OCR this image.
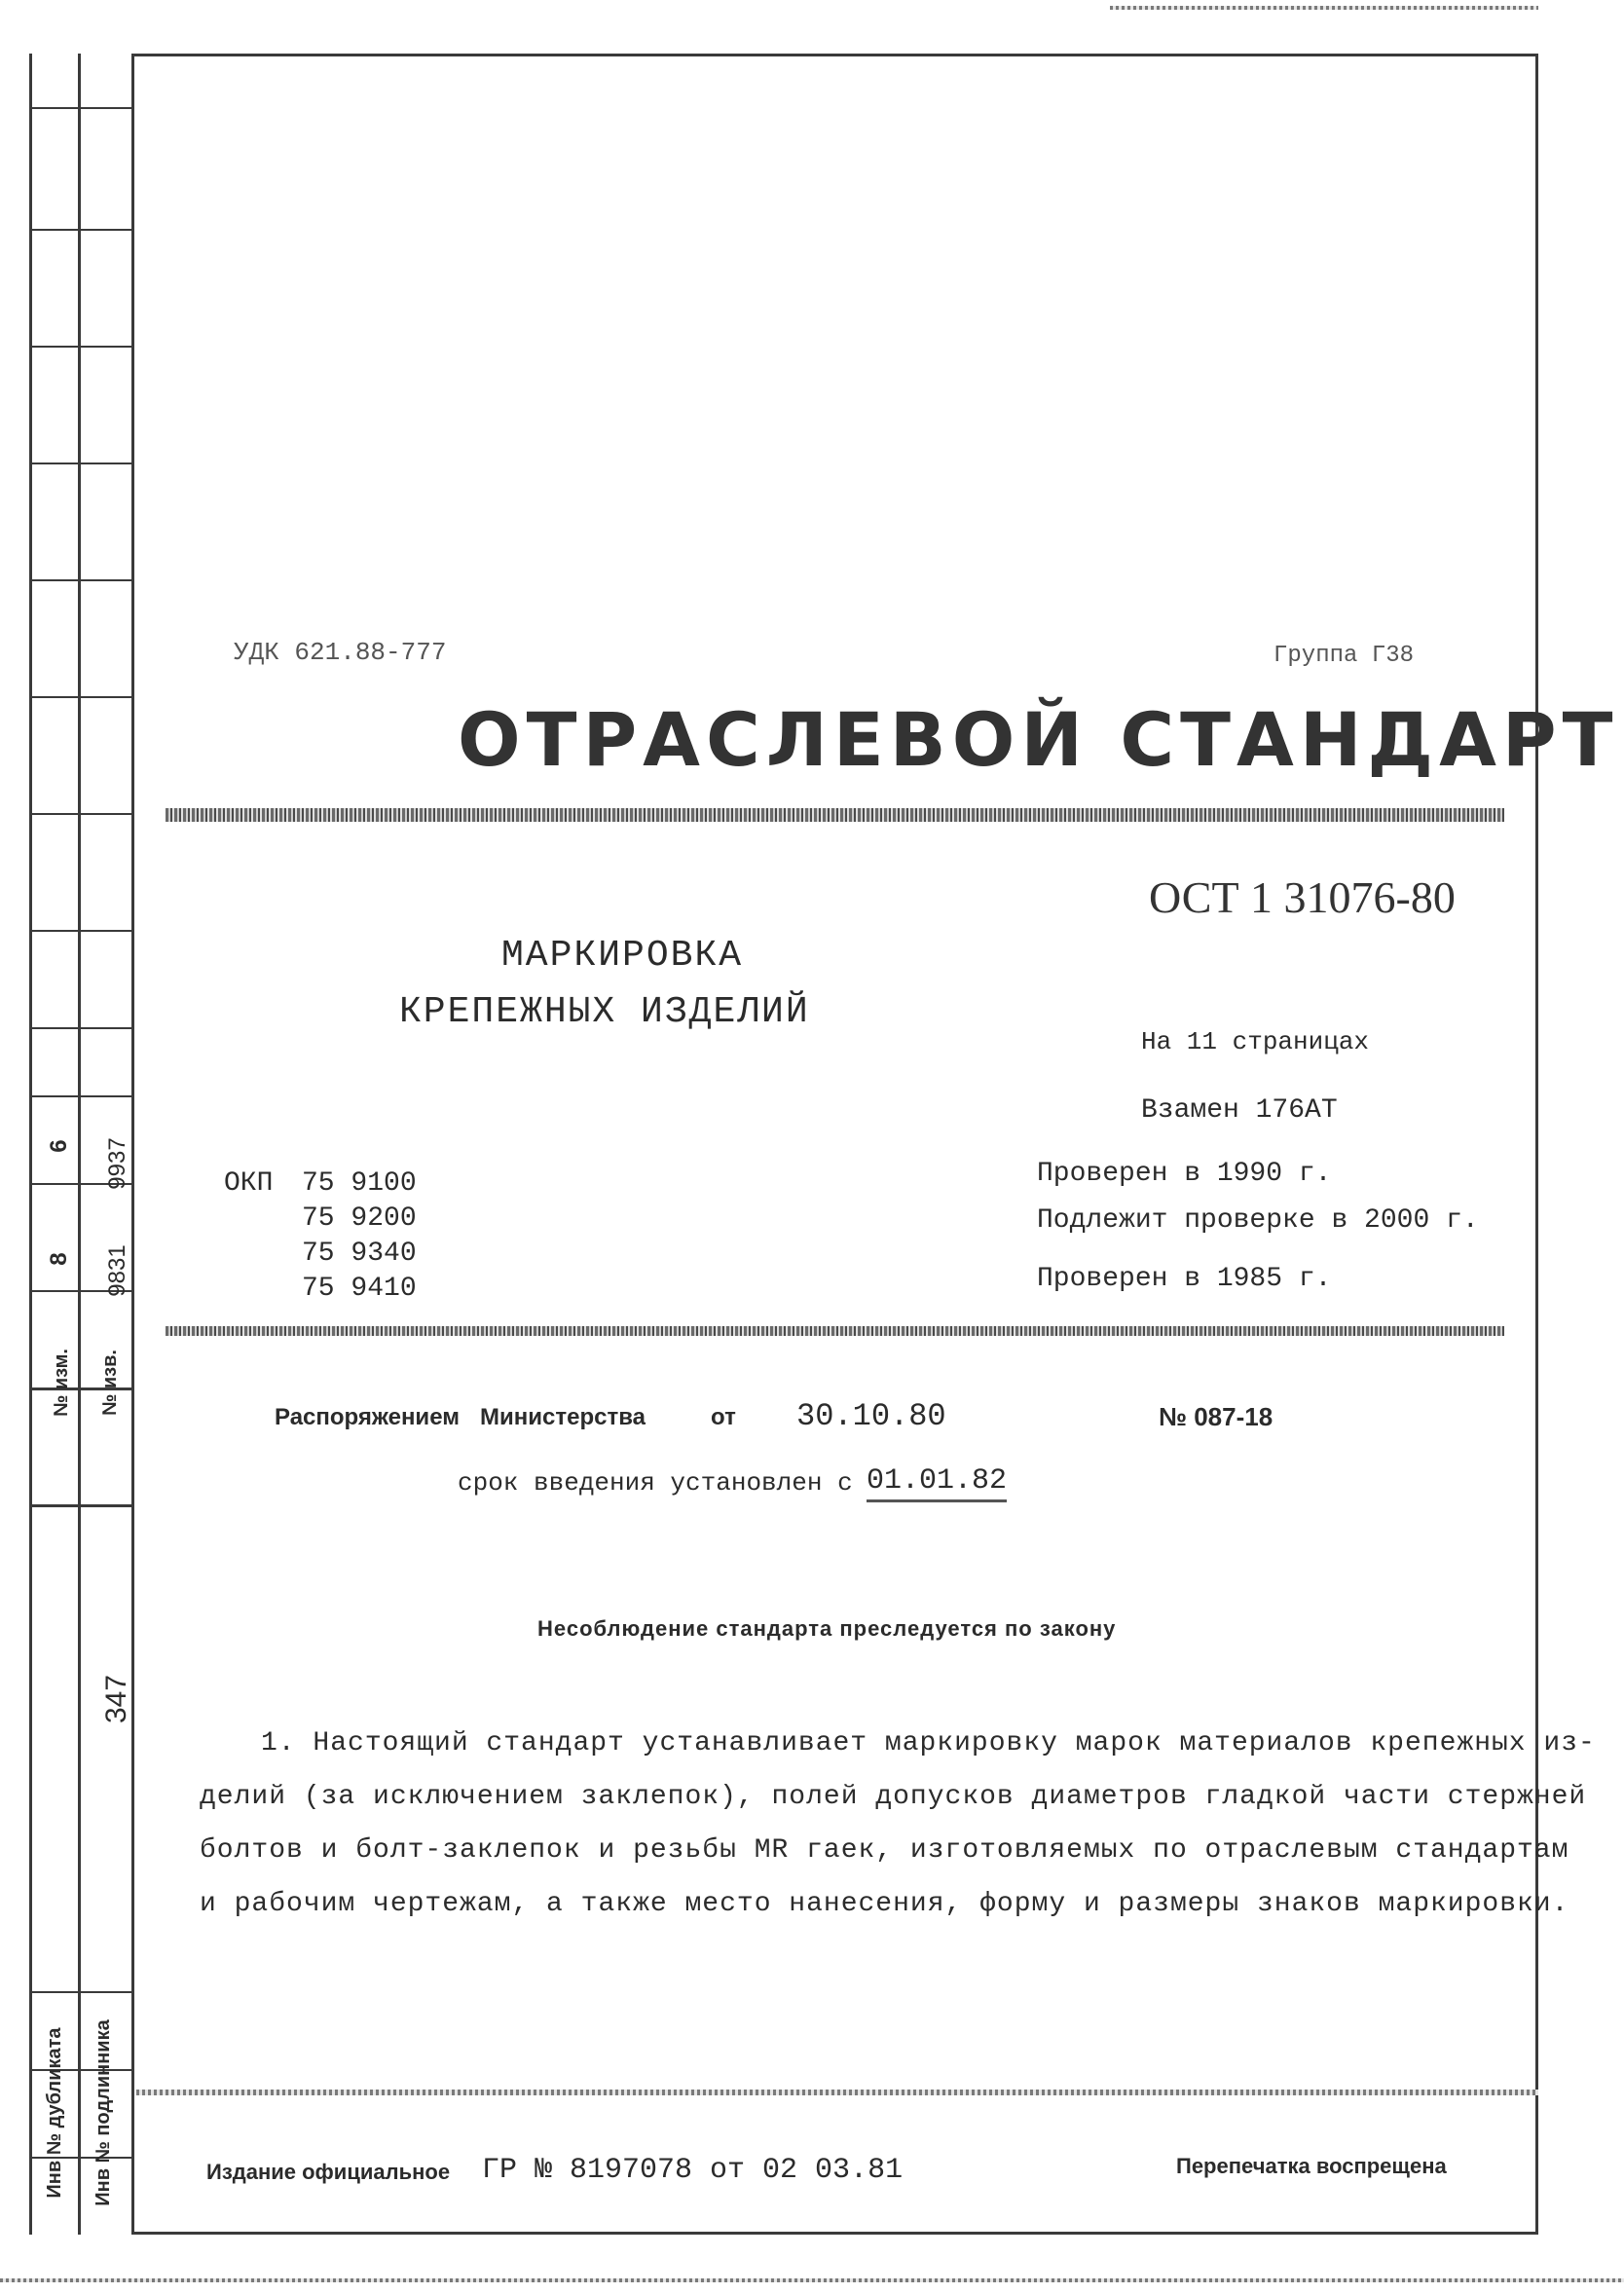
6 9937
8 9831
№ изм.	№ изв.
347
Инв № дубликата	Инв № подлинника
УДК 621.88-777	Группа Г38
ОТРАСЛЕВОЙ СТАНДАРТ
ОСТ 1 31076-80
МАРКИРОВКА
КРЕПЕЖНЫХ ИЗДЕЛИЙ
На 11 страницах
Взамен 176АТ
Проверен в 1990 г.
Подлежит проверке в 2000 г.
Проверен в 1985 г.
ОКП 75 9100
75 9200
75 9340
75 9410
Распоряжением Министерства	от 30.10.80	№ 087-18
срок введения установлен с 01.01.82
Несоблюдение стандарта преследуется по закону
1. Настоящий стандарт устанавливает маркировку марок материалов крепежных из-
делий (за исключением заклепок), полей допусков диаметров гладкой части стержней
болтов и болт-заклепок и резьбы МR гаек, изготовляемых по отраслевым стандартам
и рабочим чертежам, а также место нанесения, форму и размеры знаков маркировки.
Издание официальное ГР № 8197078 от 02 03.81	Перепечатка воспрещена
